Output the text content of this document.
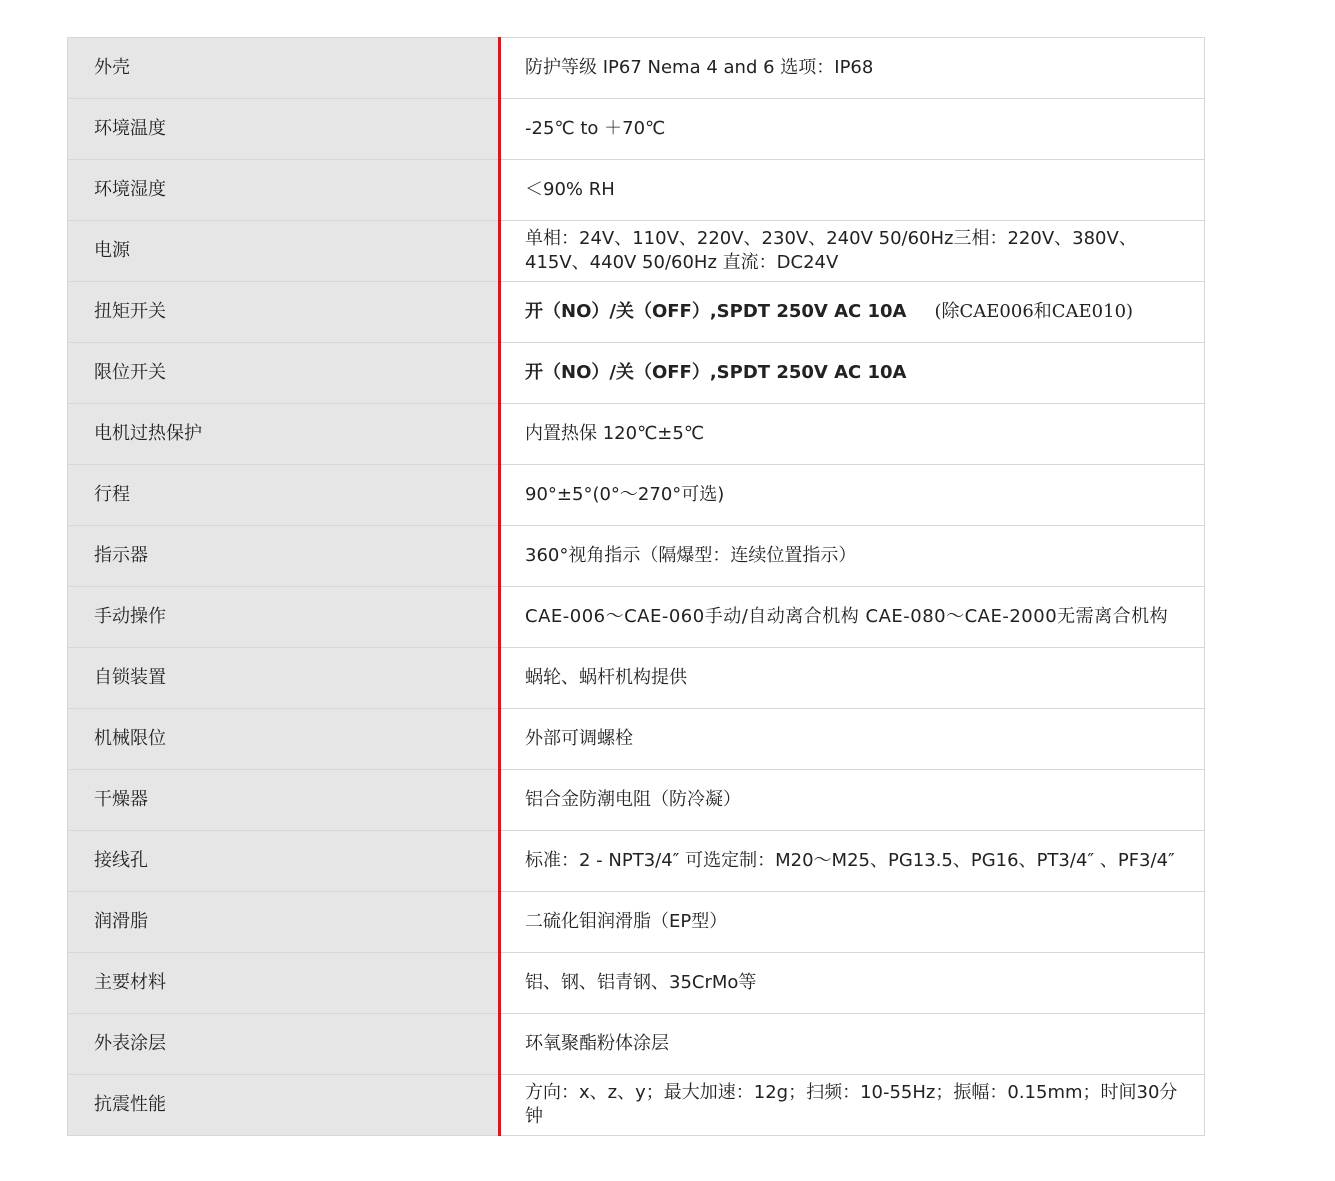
外壳	防护等级 IP67 Nema 4 and 6 选项：IP68
环境温度	-25℃ to ＋70℃
环境湿度	＜90% RH
电源	单相：24V、110V、220V、230V、240V 50/60Hz三相：220V、380V、415V、440V 50/60Hz 直流：DC24V
扭矩开关	开（NO）/关（OFF）,SPDT 250V AC 10A (除CAE006和CAE010)
限位开关	开（NO）/关（OFF）,SPDT 250V AC 10A
电机过热保护	内置热保 120℃±5℃
行程	90°±5°(0°～270°可选)
指示器	360°视角指示（隔爆型：连续位置指示）
手动操作	CAE-006～CAE-060手动/自动离合机构 CAE-080～CAE-2000无需离合机构
自锁装置	蜗轮、蜗杆机构提供
机械限位	外部可调螺栓
干燥器	铝合金防潮电阻（防冷凝）
接线孔	标准：2 - NPT3/4″ 可选定制：M20～M25、PG13.5、PG16、PT3/4″ 、PF3/4″
润滑脂	二硫化钼润滑脂（EP型）
主要材料	铝、钢、铝青钢、35CrMo等
外表涂层	环氧聚酯粉体涂层
抗震性能	方向：x、z、y；最大加速：12g；扫频：10-55Hz；振幅：0.15mm；时间30分钟
